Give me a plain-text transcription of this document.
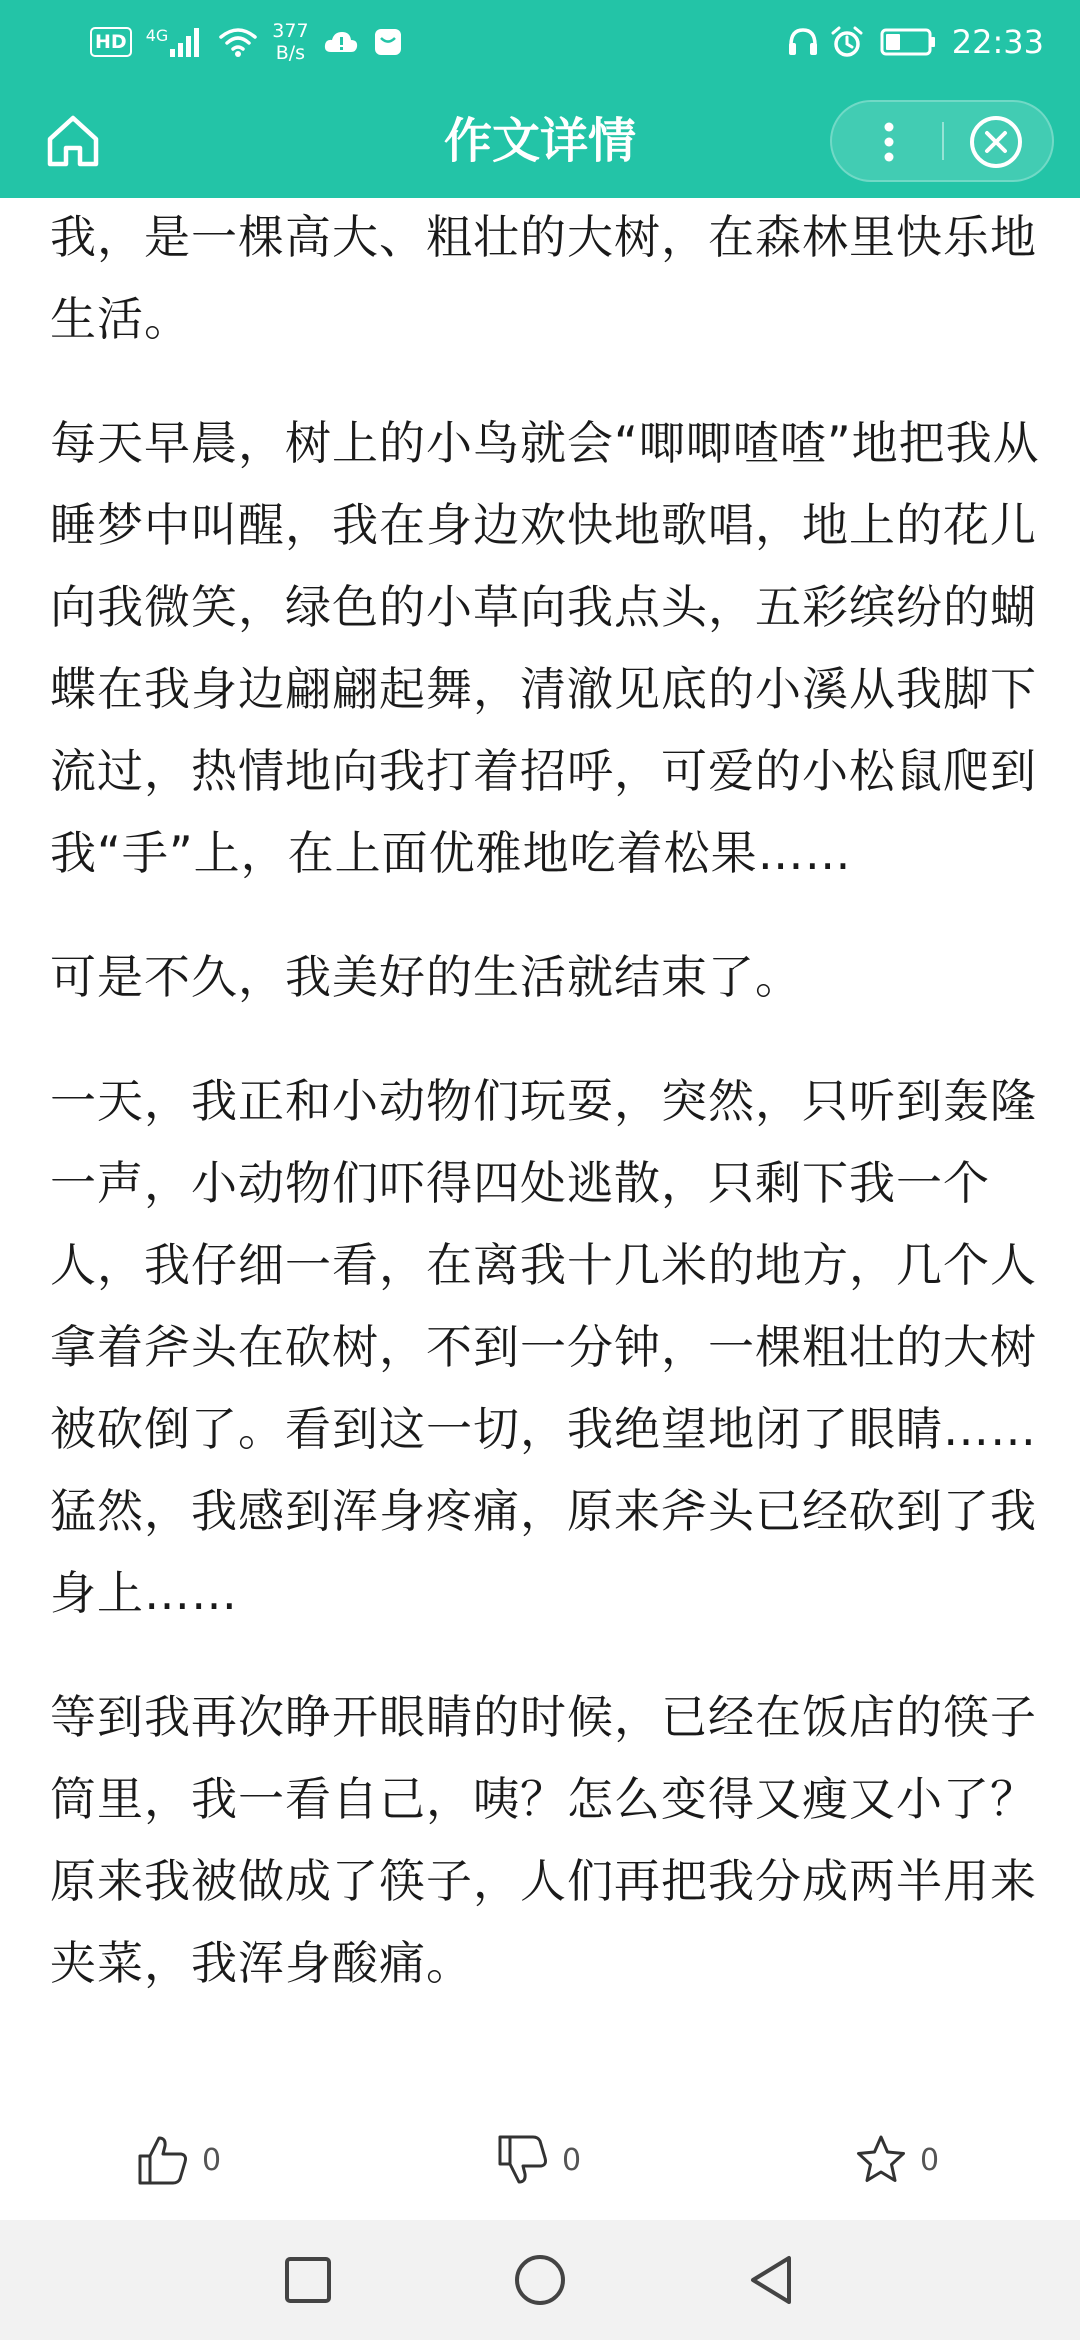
HD	4G	377
B/s	22:33
作文详情

我，是一棵高大、粗壮的大树，在森林里快乐地生活。

每天早晨，树上的小鸟就会“唧唧喳喳”地把我从睡梦中叫醒，我在身边欢快地歌唱，地上的花儿向我微笑，绿色的小草向我点头，五彩缤纷的蝴蝶在我身边翩翩起舞，清澈见底的小溪从我脚下流过，热情地向我打着招呼，可爱的小松鼠爬到我“手”上，在上面优雅地吃着松果……

可是不久，我美好的生活就结束了。

一天，我正和小动物们玩耍，突然，只听到轰隆一声，小动物们吓得四处逃散，只剩下我一个人，我仔细一看，在离我十几米的地方，几个人拿着斧头在砍树，不到一分钟，一棵粗壮的大树被砍倒了。看到这一切，我绝望地闭了眼睛……猛然，我感到浑身疼痛，原来斧头已经砍到了我身上……

等到我再次睁开眼睛的时候，已经在饭店的筷子筒里，我一看自己，咦？怎么变得又瘦又小了？原来我被做成了筷子，人们再把我分成两半用来夹菜，我浑身酸痛。

0	0	0
